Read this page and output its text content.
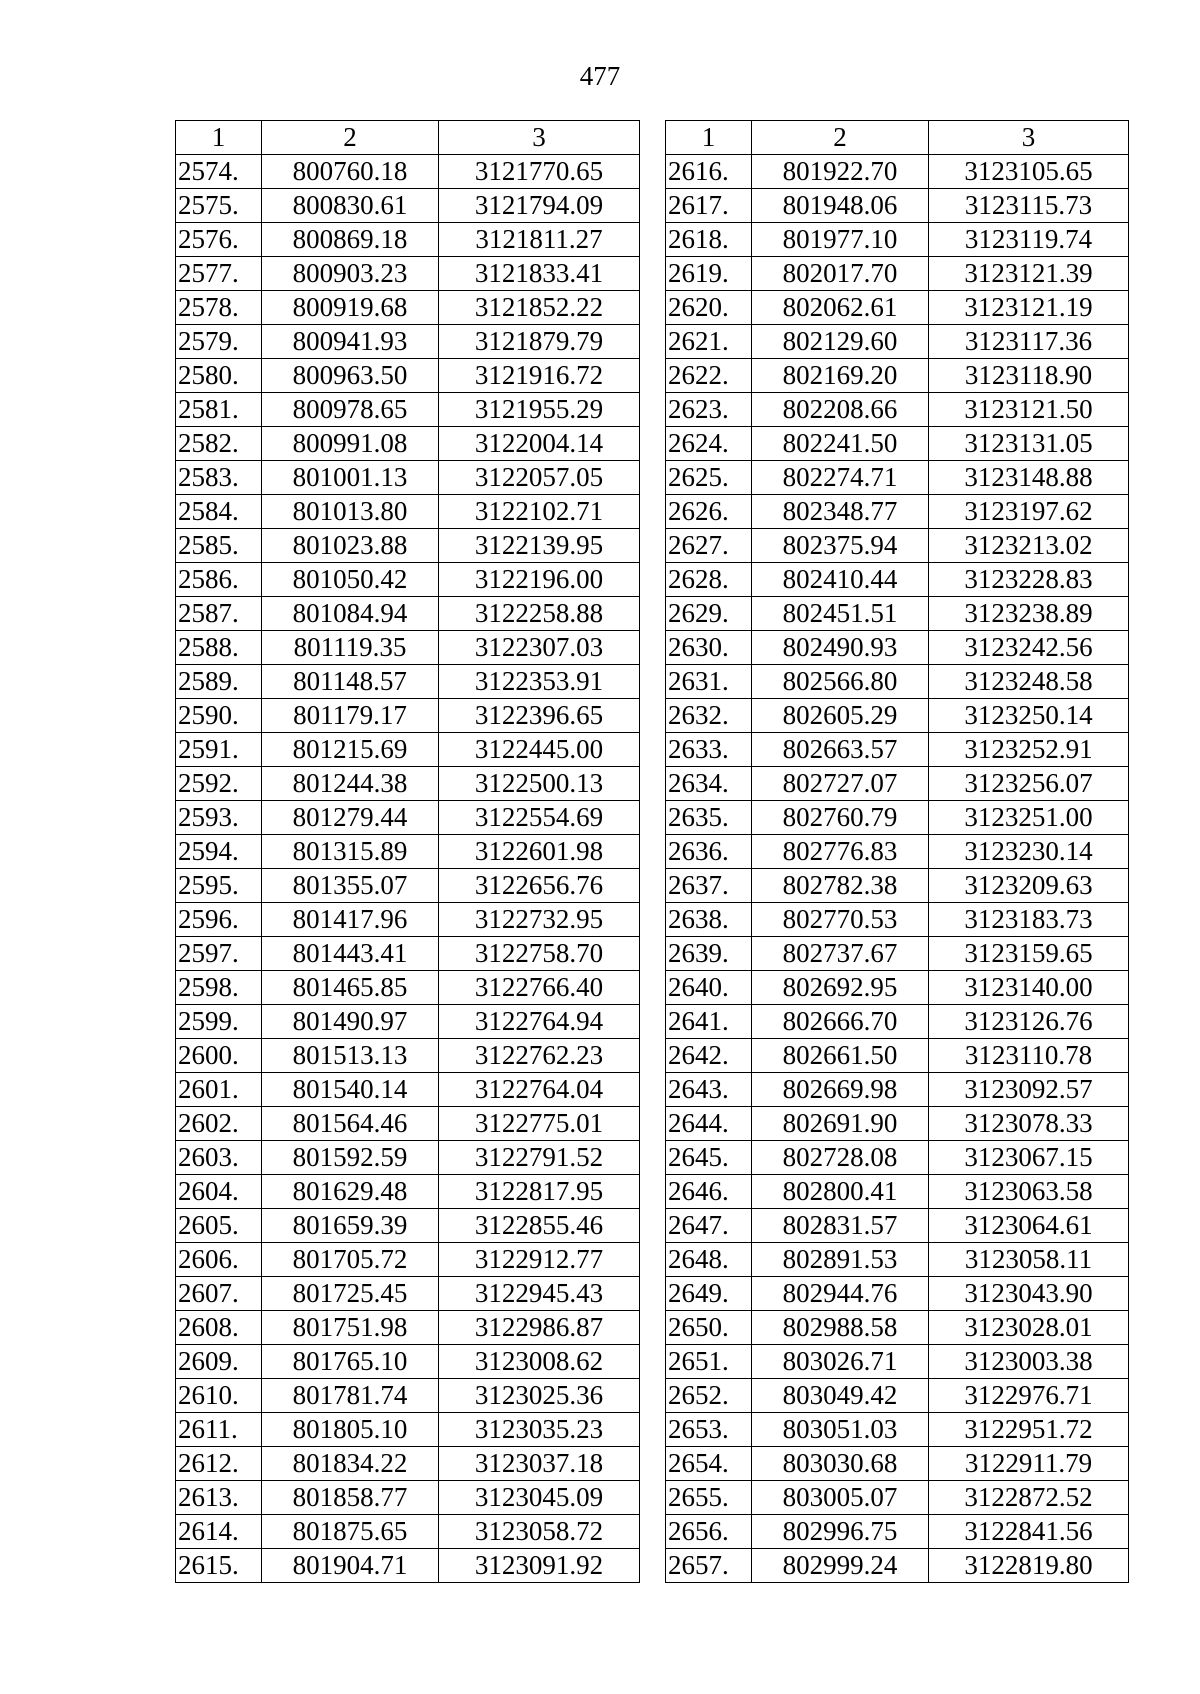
477
1	2	3
2574.	800760.18	3121770.65
2575.	800830.61	3121794.09
2576.	800869.18	3121811.27
2577.	800903.23	3121833.41
2578.	800919.68	3121852.22
2579.	800941.93	3121879.79
2580.	800963.50	3121916.72
2581.	800978.65	3121955.29
2582.	800991.08	3122004.14
2583.	801001.13	3122057.05
2584.	801013.80	3122102.71
2585.	801023.88	3122139.95
2586.	801050.42	3122196.00
2587.	801084.94	3122258.88
2588.	801119.35	3122307.03
2589.	801148.57	3122353.91
2590.	801179.17	3122396.65
2591.	801215.69	3122445.00
2592.	801244.38	3122500.13
2593.	801279.44	3122554.69
2594.	801315.89	3122601.98
2595.	801355.07	3122656.76
2596.	801417.96	3122732.95
2597.	801443.41	3122758.70
2598.	801465.85	3122766.40
2599.	801490.97	3122764.94
2600.	801513.13	3122762.23
2601.	801540.14	3122764.04
2602.	801564.46	3122775.01
2603.	801592.59	3122791.52
2604.	801629.48	3122817.95
2605.	801659.39	3122855.46
2606.	801705.72	3122912.77
2607.	801725.45	3122945.43
2608.	801751.98	3122986.87
2609.	801765.10	3123008.62
2610.	801781.74	3123025.36
2611.	801805.10	3123035.23
2612.	801834.22	3123037.18
2613.	801858.77	3123045.09
2614.	801875.65	3123058.72
2615.	801904.71	3123091.92
1	2	3
2616.	801922.70	3123105.65
2617.	801948.06	3123115.73
2618.	801977.10	3123119.74
2619.	802017.70	3123121.39
2620.	802062.61	3123121.19
2621.	802129.60	3123117.36
2622.	802169.20	3123118.90
2623.	802208.66	3123121.50
2624.	802241.50	3123131.05
2625.	802274.71	3123148.88
2626.	802348.77	3123197.62
2627.	802375.94	3123213.02
2628.	802410.44	3123228.83
2629.	802451.51	3123238.89
2630.	802490.93	3123242.56
2631.	802566.80	3123248.58
2632.	802605.29	3123250.14
2633.	802663.57	3123252.91
2634.	802727.07	3123256.07
2635.	802760.79	3123251.00
2636.	802776.83	3123230.14
2637.	802782.38	3123209.63
2638.	802770.53	3123183.73
2639.	802737.67	3123159.65
2640.	802692.95	3123140.00
2641.	802666.70	3123126.76
2642.	802661.50	3123110.78
2643.	802669.98	3123092.57
2644.	802691.90	3123078.33
2645.	802728.08	3123067.15
2646.	802800.41	3123063.58
2647.	802831.57	3123064.61
2648.	802891.53	3123058.11
2649.	802944.76	3123043.90
2650.	802988.58	3123028.01
2651.	803026.71	3123003.38
2652.	803049.42	3122976.71
2653.	803051.03	3122951.72
2654.	803030.68	3122911.79
2655.	803005.07	3122872.52
2656.	802996.75	3122841.56
2657.	802999.24	3122819.80
